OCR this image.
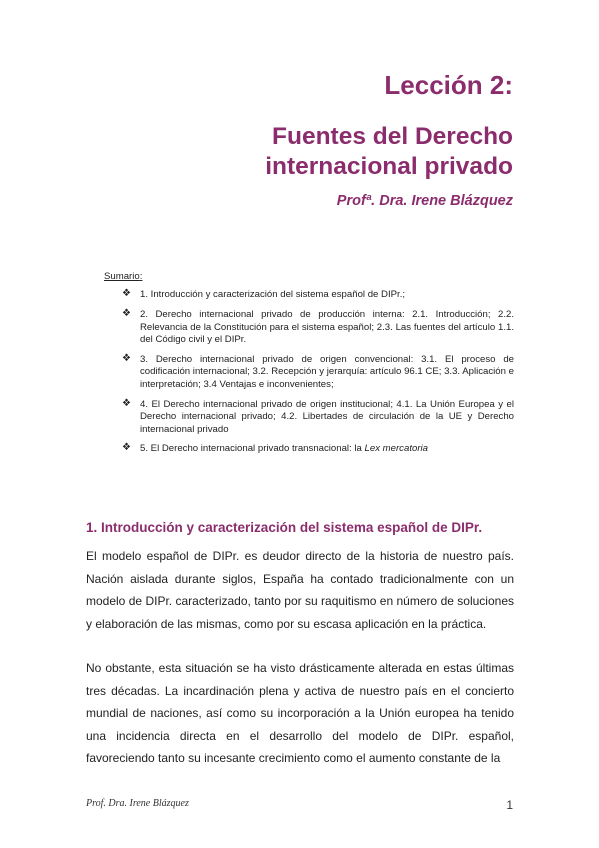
Lección 2:
Fuentes del Derecho
internacional privado
Profª. Dra. Irene Blázquez
Sumario:
❖ 1. Introducción y caracterización del sistema español de DIPr.;
❖ 2. Derecho internacional privado de producción interna: 2.1. Introducción; 2.2. Relevancia de la Constitución para el sistema español; 2.3. Las fuentes del artículo 1.1. del Código civil y el DIPr.
❖ 3. Derecho internacional privado de origen convencional: 3.1. El proceso de codificación internacional; 3.2. Recepción y jerarquía: artículo 96.1 CE; 3.3. Aplicación e interpretación; 3.4 Ventajas e inconvenientes;
❖ 4. El Derecho internacional privado de origen institucional; 4.1. La Unión Europea y el Derecho internacional privado; 4.2. Libertades de circulación de la UE y Derecho internacional privado
❖ 5. El Derecho internacional privado transnacional: la Lex mercatoria
1. Introducción y caracterización del sistema español de DIPr.

El modelo español de DIPr. es deudor directo de la historia de nuestro país. Nación aislada durante siglos, España ha contado tradicionalmente con un modelo de DIPr. caracterizado, tanto por su raquitismo en número de soluciones y elaboración de las mismas, como por su escasa aplicación en la práctica.

No obstante, esta situación se ha visto drásticamente alterada en estas últimas tres décadas. La incardinación plena y activa de nuestro país en el concierto mundial de naciones, así como su incorporación a la Unión europea ha tenido una incidencia directa en el desarrollo del modelo de DIPr. español, favoreciendo tanto su incesante crecimiento como el aumento constante de la

Prof. Dra. Irene Blázquez	1
